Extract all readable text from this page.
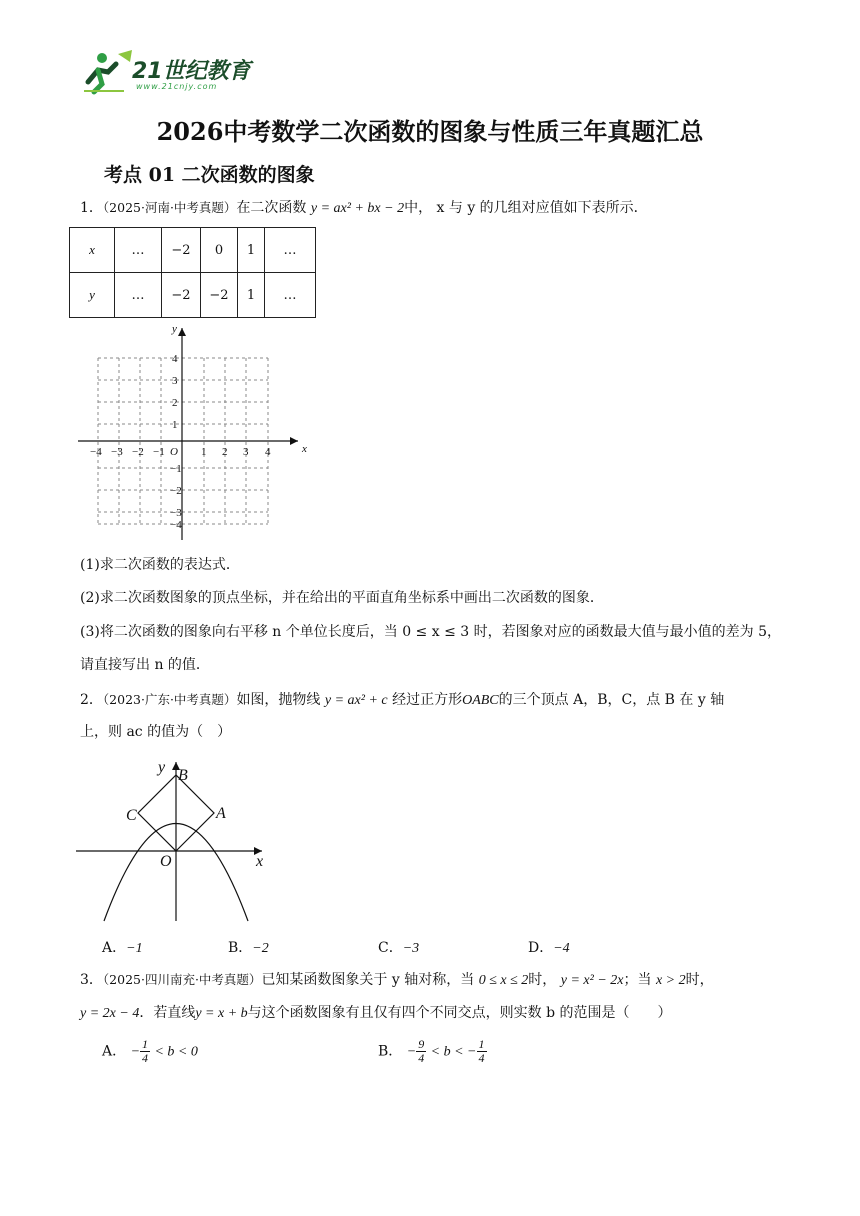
21世纪教育
www.21cnjy.com
2026中考数学二次函数的图象与性质三年真题汇总
考点 01 二次函数的图象
1．（2025·河南·中考真题）在二次函数 y = ax² + bx − 2中， x 与 y 的几组对应值如下表所示．
x	…	−2	0	1	…
y	…	−2	−2	1	…
x
y
O
−4 −3 −2 −1	1 2 3 4
4
3
2
1
−1
−2
−3
−4
(1)求二次函数的表达式．
(2)求二次函数图象的顶点坐标，并在给出的平面直角坐标系中画出二次函数的图象．
(3)将二次函数的图象向右平移 n 个单位长度后，当 0 ≤ x ≤ 3 时，若图象对应的函数最大值与最小值的差为 5，
请直接写出 n 的值．
2．（2023·广东·中考真题）如图，抛物线 y = ax² + c 经过正方形OABC的三个顶点 A，B，C，点 B 在 y 轴
上，则 ac 的值为（　）
B
A
C
O	x
y
A．−1	B．−2	C．−3	D．−4
3．（2025·四川南充·中考真题）已知某函数图象关于 y 轴对称，当 0 ≤ x ≤ 2时， y = x² − 2x；当 x > 2时，
y = 2x − 4．若直线y = x + b与这个函数图象有且仅有四个不同交点，则实数 b 的范围是（　　）
A． − $\frac{1}{4} < b < 0$	B． − $\frac{9}{4} < b$ < − $\frac{1}{4}$
